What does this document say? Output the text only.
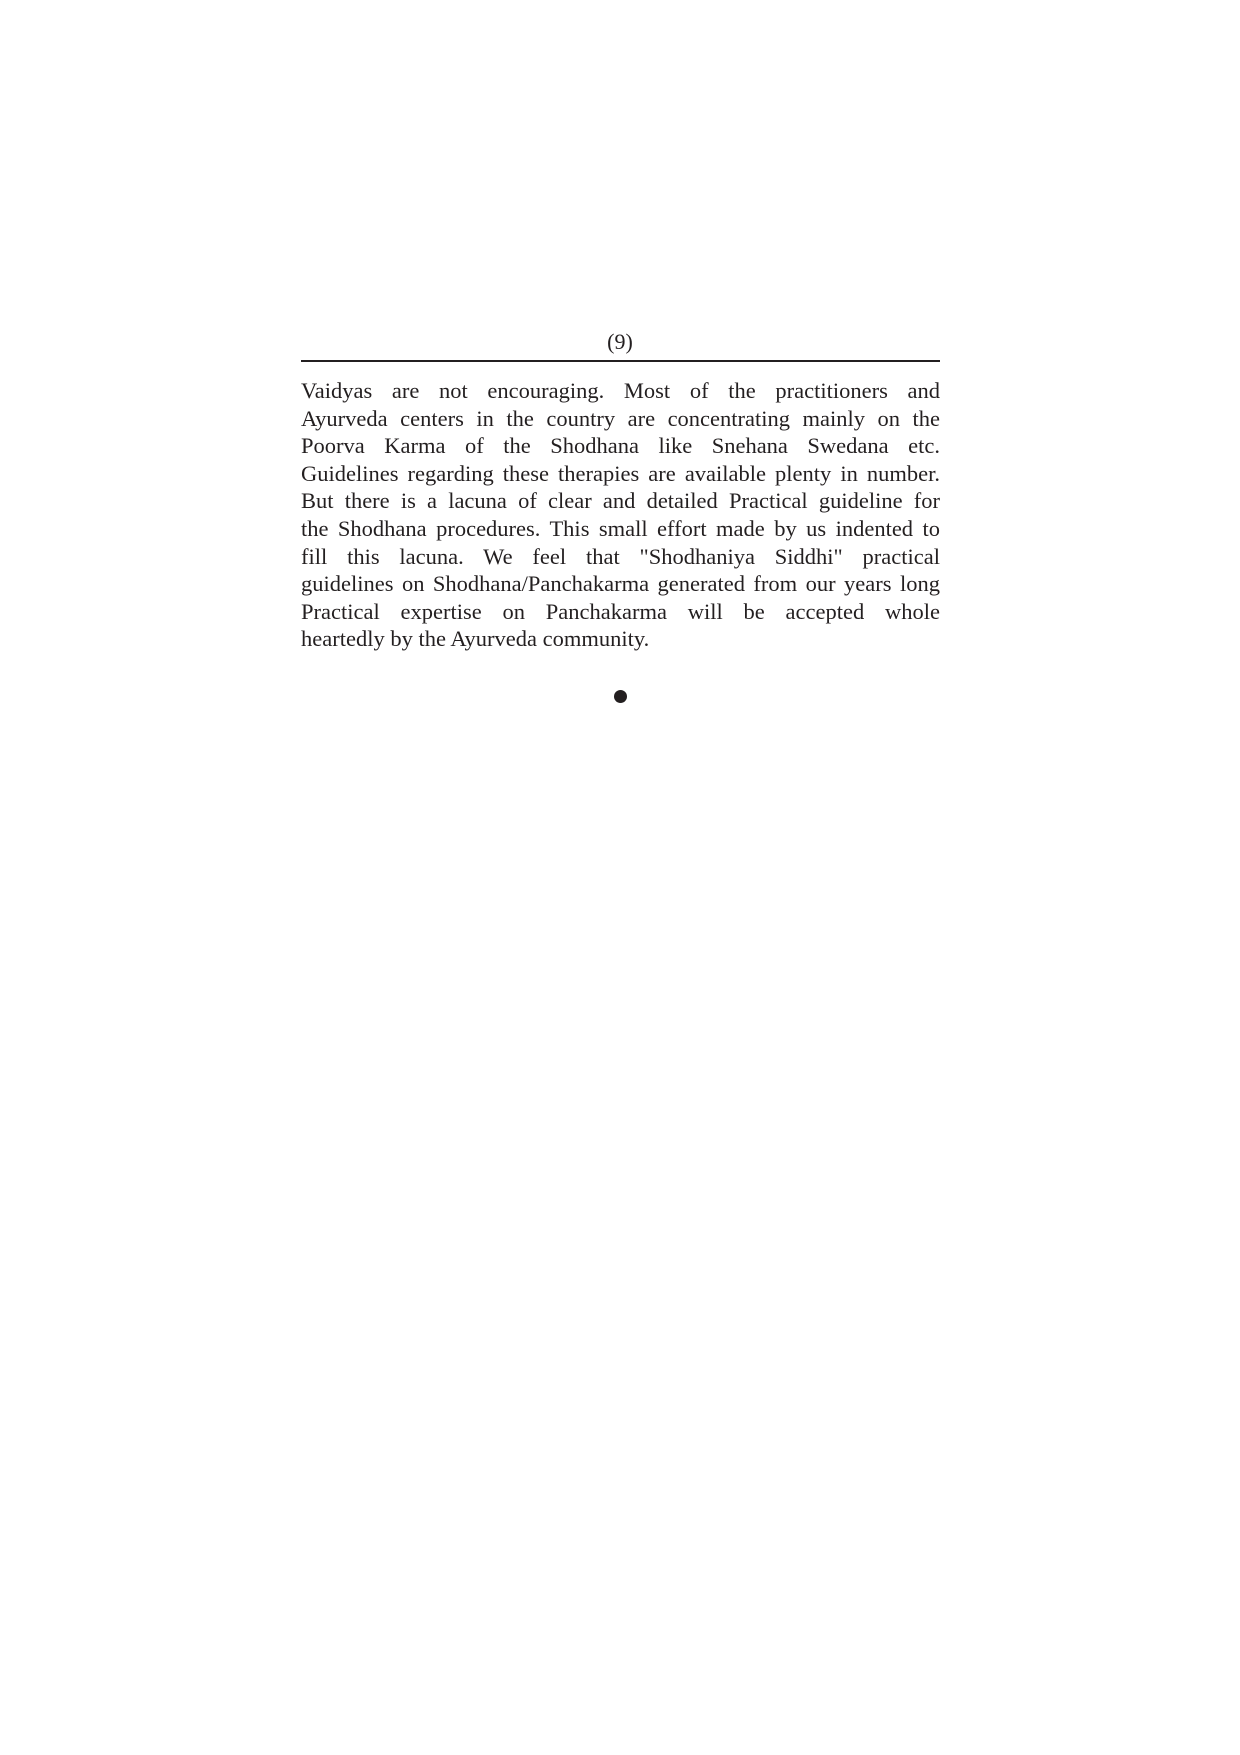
(9)
Vaidyas are not encouraging. Most of the practitioners and
Ayurveda centers in the country are concentrating mainly on the
Poorva Karma of the Shodhana like Snehana Swedana etc.
Guidelines regarding these therapies are available plenty in number.
But there is a lacuna of clear and detailed Practical guideline for
the Shodhana procedures. This small effort made by us indented to
fill this lacuna. We feel that "Shodhaniya Siddhi" practical
guidelines on Shodhana/Panchakarma generated from our years long
Practical expertise on Panchakarma will be accepted whole
heartedly by the Ayurveda community.
